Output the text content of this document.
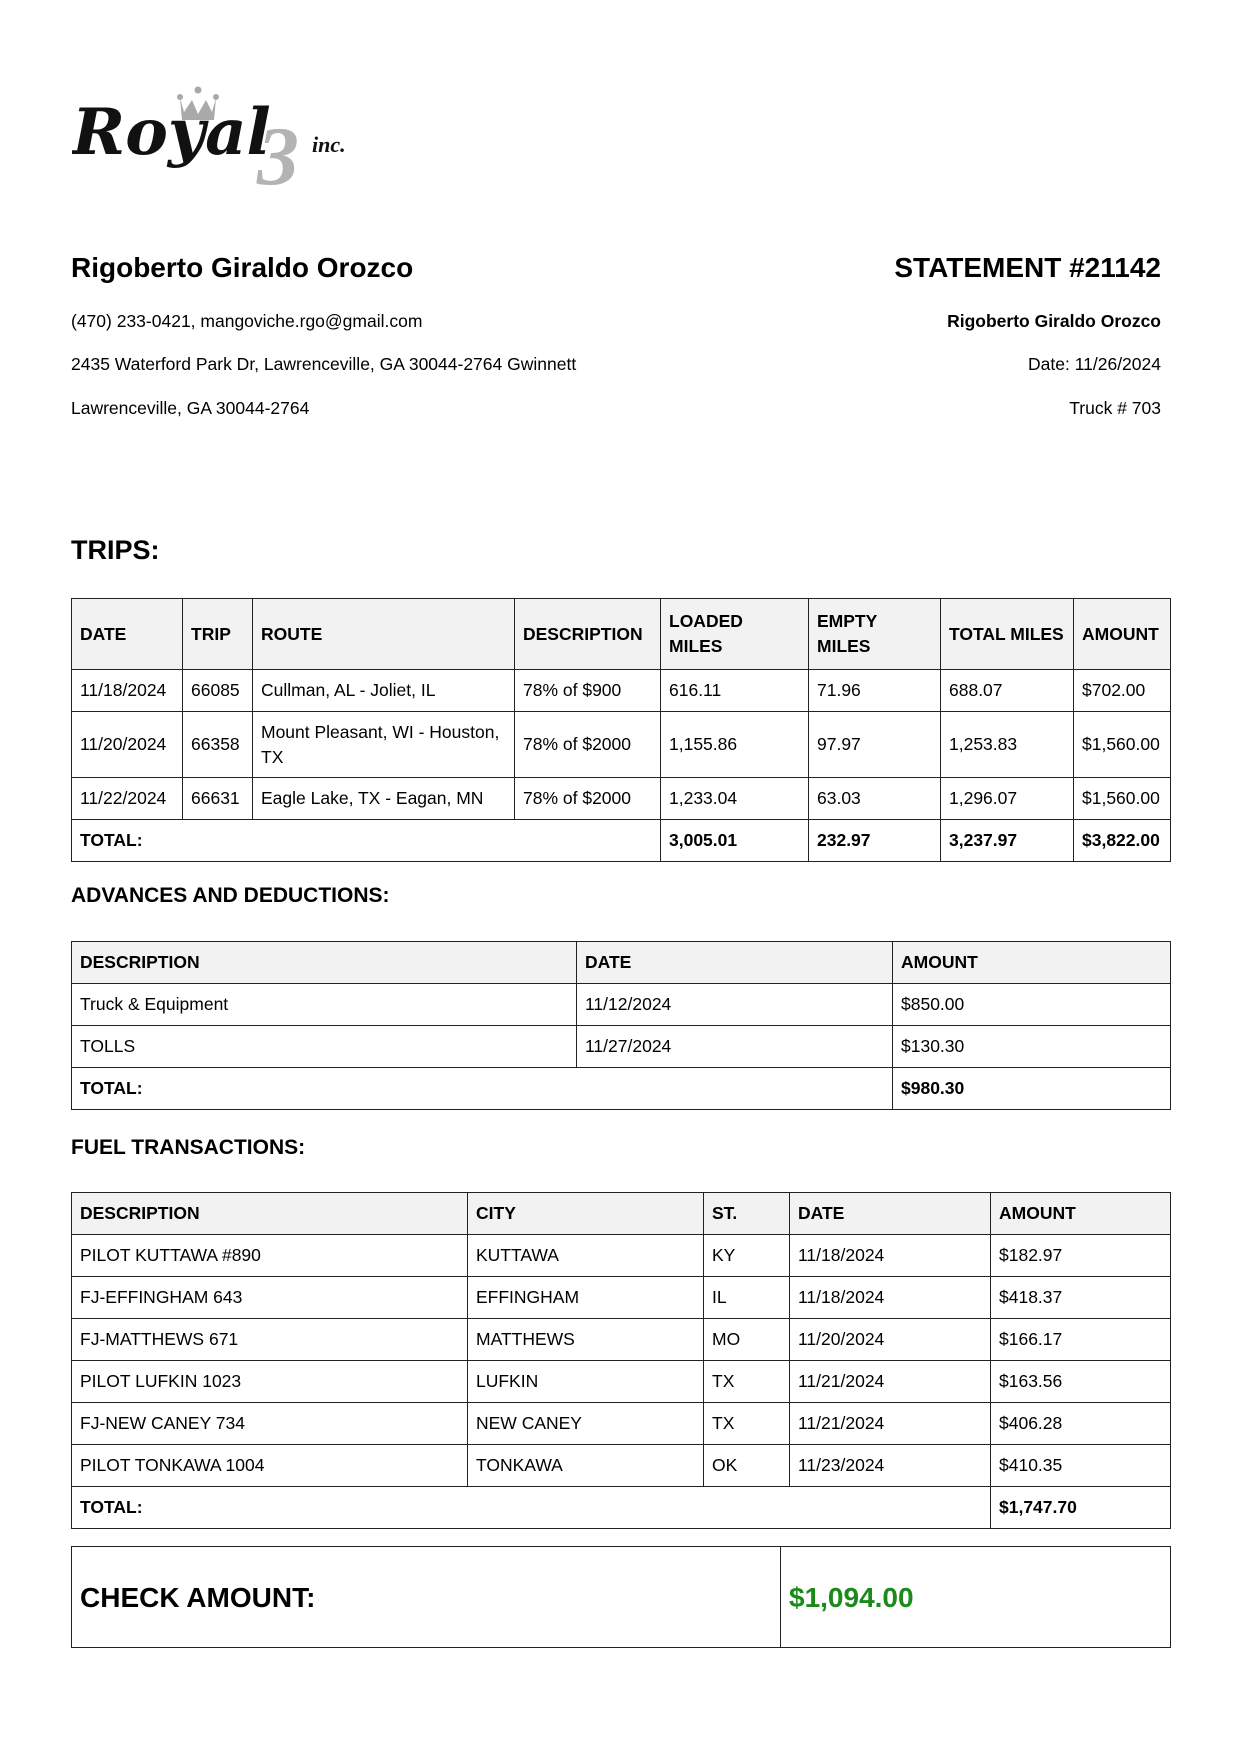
3
Royal inc.

Rigoberto Giraldo Orozco

(470) 233-0421, mangoviche.rgo@gmail.com
2435 Waterford Park Dr, Lawrenceville, GA 30044-2764 Gwinnett
Lawrenceville, GA 30044-2764

STATEMENT #21142

Rigoberto Giraldo Orozco
Date: 11/26/2024
Truck # 703
TRIPS:
DATE	TRIP	ROUTE	DESCRIPTION	LOADED MILES	EMPTY MILES	TOTAL MILES	AMOUNT
11/18/2024	66085	Cullman, AL - Joliet, IL	78% of $900	616.11	71.96	688.07	$702.00
11/20/2024	66358	Mount Pleasant, WI - Houston, TX	78% of $2000	1,155.86	97.97	1,253.83	$1,560.00
11/22/2024	66631	Eagle Lake, TX - Eagan, MN	78% of $2000	1,233.04	63.03	1,296.07	$1,560.00
TOTAL:				3,005.01	232.97	3,237.97	$3,822.00
ADVANCES AND DEDUCTIONS:
DESCRIPTION	DATE	AMOUNT
Truck & Equipment	11/12/2024	$850.00
TOLLS	11/27/2024	$130.30
TOTAL:		$980.30
FUEL TRANSACTIONS:
DESCRIPTION	CITY	ST.	DATE	AMOUNT
PILOT KUTTAWA #890	KUTTAWA	KY	11/18/2024	$182.97
FJ-EFFINGHAM 643	EFFINGHAM	IL	11/18/2024	$418.37
FJ-MATTHEWS 671	MATTHEWS	MO	11/20/2024	$166.17
PILOT LUFKIN 1023	LUFKIN	TX	11/21/2024	$163.56
FJ-NEW CANEY 734	NEW CANEY	TX	11/21/2024	$406.28
PILOT TONKAWA 1004	TONKAWA	OK	11/23/2024	$410.35
TOTAL:				$1,747.70
CHECK AMOUNT:	$1,094.00
